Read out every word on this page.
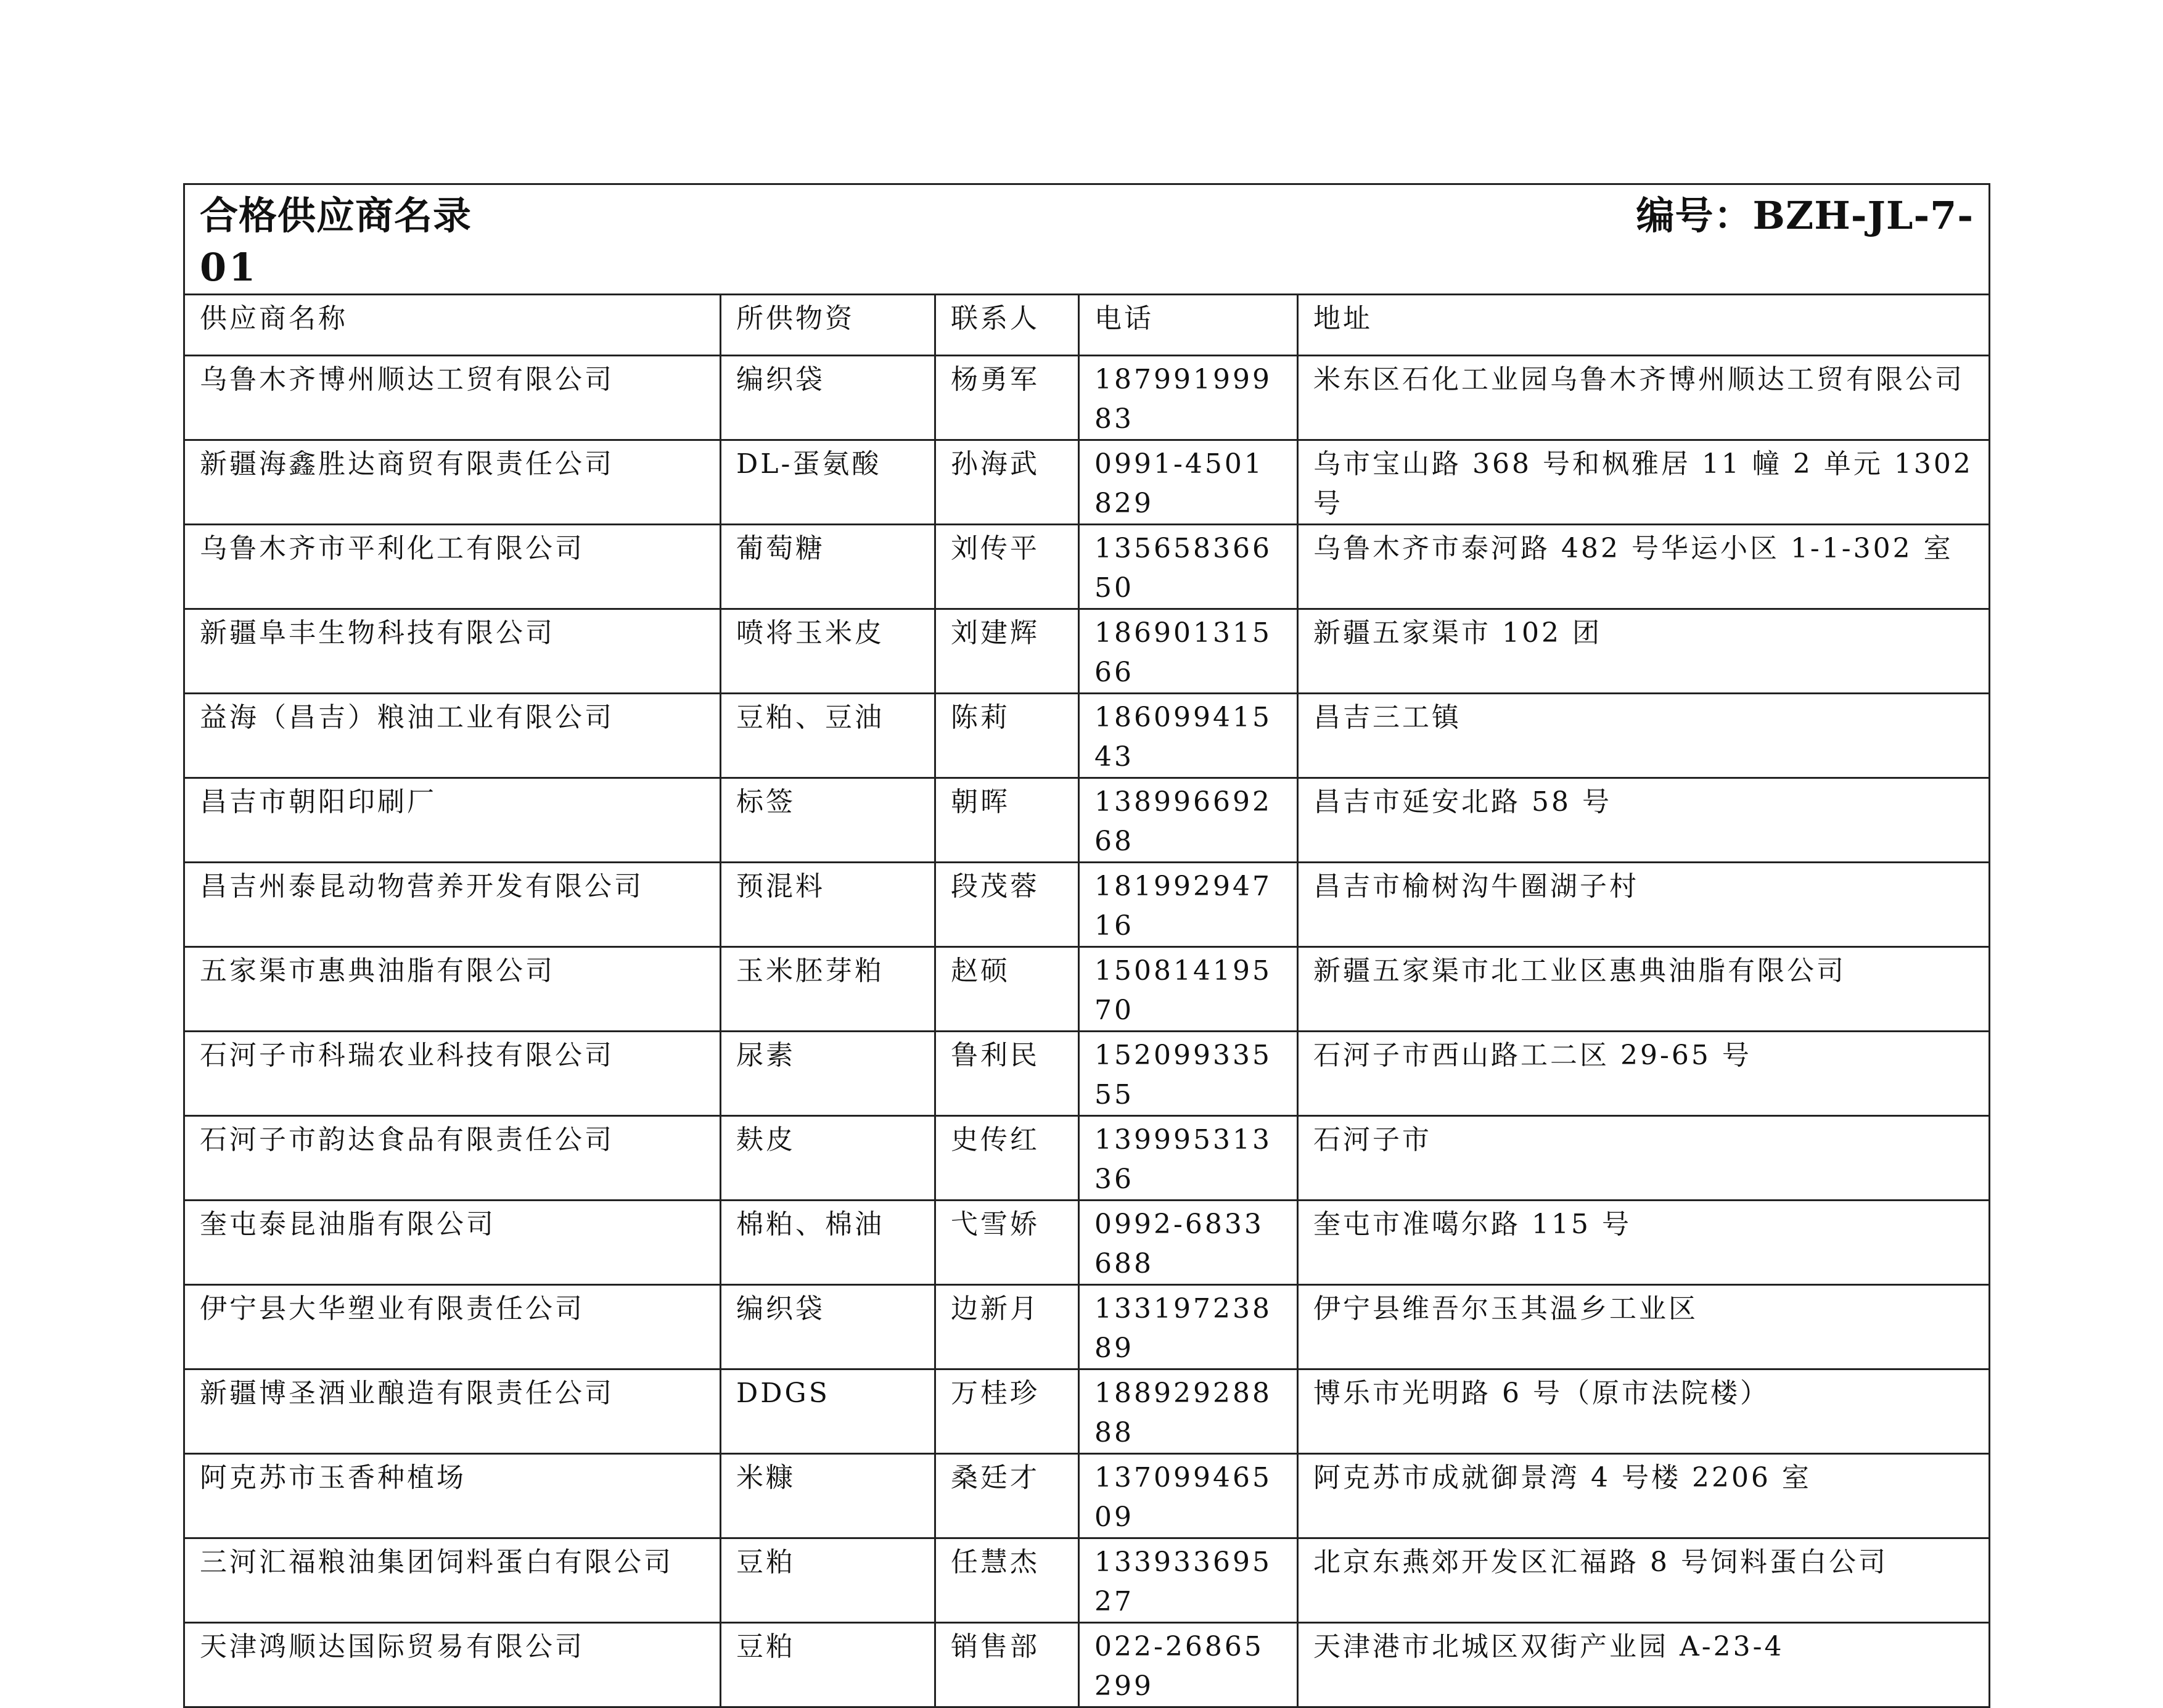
合格供应商名录 编号：BZH-JL-7-
01				

供应商名称	所供物资	联系人	电话	地址
乌鲁木齐博州顺达工贸有限公司	编织袋	杨勇军	18799199983	米东区石化工业园乌鲁木齐博州顺达工贸有限公司
新疆海鑫胜达商贸有限责任公司	DL-蛋氨酸	孙海武	0991-4501829	乌市宝山路 368 号和枫雅居 11 幢 2 单元 1302 号
乌鲁木齐市平利化工有限公司	葡萄糖	刘传平	13565836650	乌鲁木齐市泰河路 482 号华运小区 1-1-302 室
新疆阜丰生物科技有限公司	喷将玉米皮	刘建辉	18690131566	新疆五家渠市 102 团
益海（昌吉）粮油工业有限公司	豆粕、豆油	陈莉	18609941543	昌吉三工镇
昌吉市朝阳印刷厂	标签	朝晖	13899669268	昌吉市延安北路 58 号
昌吉州泰昆动物营养开发有限公司	预混料	段茂蓉	18199294716	昌吉市榆树沟牛圈湖子村
五家渠市惠典油脂有限公司	玉米胚芽粕	赵硕	15081419570	新疆五家渠市北工业区惠典油脂有限公司
石河子市科瑞农业科技有限公司	尿素	鲁利民	15209933555	石河子市西山路工二区 29-65 号
石河子市韵达食品有限责任公司	麸皮	史传红	13999531336	石河子市
奎屯泰昆油脂有限公司	棉粕、棉油	弋雪娇	0992-6833688	奎屯市准噶尔路 115 号
伊宁县大华塑业有限责任公司	编织袋	边新月	13319723889	伊宁县维吾尔玉其温乡工业区
新疆博圣酒业酿造有限责任公司	DDGS	万桂珍	18892928888	博乐市光明路 6 号（原市法院楼）
阿克苏市玉香种植场	米糠	桑廷才	13709946509	阿克苏市成就御景湾 4 号楼 2206 室
三河汇福粮油集团饲料蛋白有限公司	豆粕	任慧杰	13393369527	北京东燕郊开发区汇福路 8 号饲料蛋白公司
天津鸿顺达国际贸易有限公司	豆粕	销售部	022-26865299	天津港市北城区双街产业园 A-23-4
